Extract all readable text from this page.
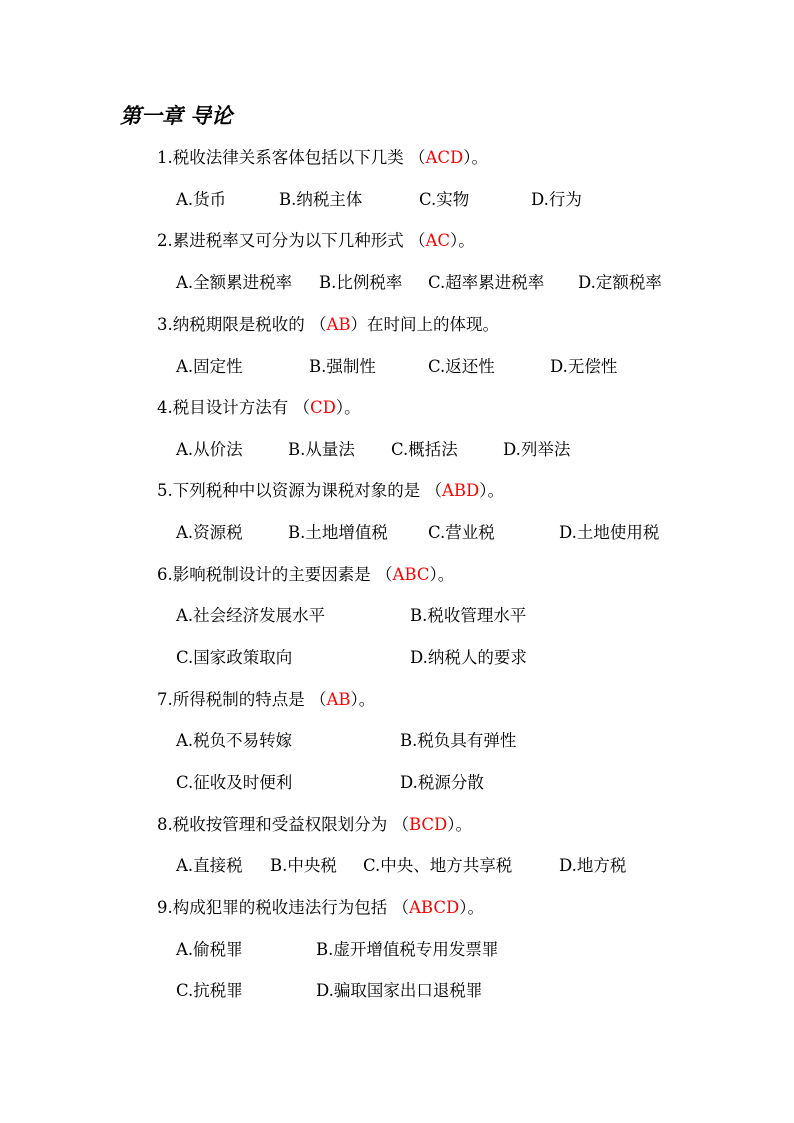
第一章 导论
1.税收法律关系客体包括以下几类 （ACD）。
A.货币	B.纳税主体	C.实物	D.行为
2.累进税率又可分为以下几种形式 （AC）。
A.全额累进税率 B.比例税率 C.超率累进税率 D.定额税率
3.纳税期限是税收的 （AB）在时间上的体现。
A.固定性	B.强制性	C.返还性	D.无偿性
4.税目设计方法有 （CD）。
A.从价法	B.从量法 C.概括法	D.列举法
5.下列税种中以资源为课税对象的是 （ABD）。
A.资源税	B.土地增值税 C.营业税	D.土地使用税
6.影响税制设计的主要因素是 （ABC）。
A.社会经济发展水平	B.税收管理水平
C.国家政策取向	D.纳税人的要求
7.所得税制的特点是 （AB）。
A.税负不易转嫁	B.税负具有弹性
C.征收及时便利	D.税源分散
8.税收按管理和受益权限划分为 （BCD）。
A.直接税 B.中央税 C.中央、地方共享税	D.地方税
9.构成犯罪的税收违法行为包括 （ABCD）。
A.偷税罪	B.虚开增值税专用发票罪
C.抗税罪	D.骗取国家出口退税罪
